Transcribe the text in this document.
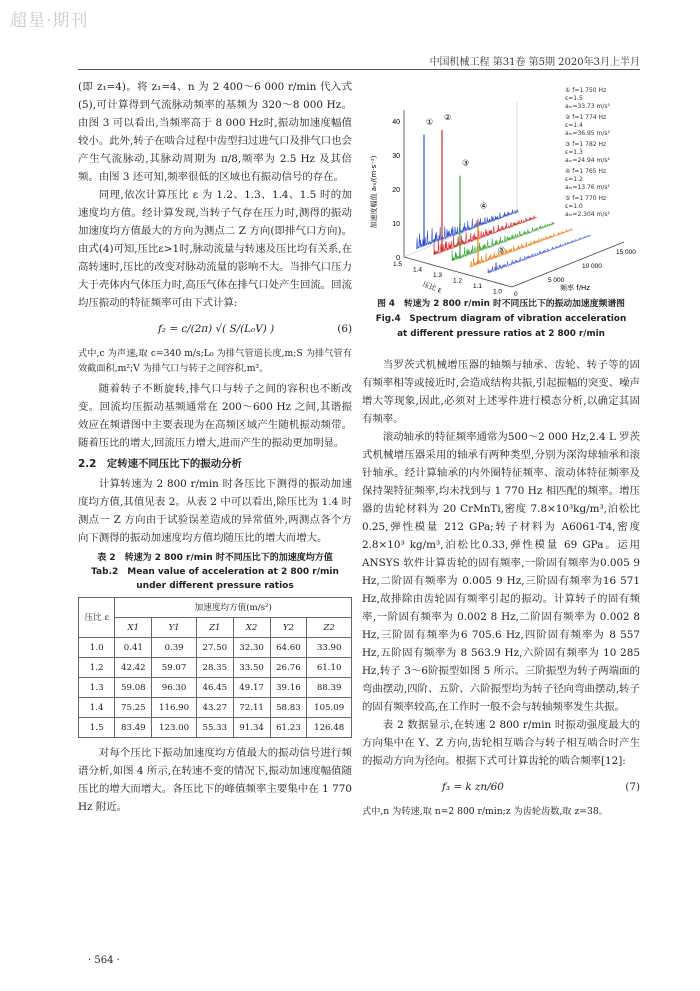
超星·期刊
中国机械工程 第31卷 第5期 2020年3月上半月

(即 z₁=4)。将 z₁=4、n 为 2 400～6 000 r/min 代入式(5),可计算得到气流脉动频率的基频为 320～8 000 Hz。由图 3 可以看出,当频率高于 8 000 Hz时,振动加速度幅值较小。此外,转子在啮合过程中齿型扫过进气口及排气口也会产生气流脉动,其脉动周期为 π/8,频率为 2.5 Hz 及其倍频。由图 3 还可知,频率很低的区域也有振动信号的存在。

同理,依次计算压比 ε 为 1.2、1.3、1.4、1.5 时的加速度均方值。经计算发现,当转子气存在压力时,测得的振动加速度均方值最大的方向为测点二 Z 方向(即排气口方向)。由式(4)可知,压比ε>1时,脉动流量与转速及压比均有关系,在高转速时,压比的改变对脉动流量的影响不大。当排气口压力大于壳体内气体压力时,高压气体在排气口处产生回流。回流均压振动的特征频率可由下式计算:

f₂ = c/(2π) √( S/(L₀V) )	(6)

式中,c 为声速,取 c=340 m/s;L₀ 为排气管道长度,m;S 为排气管有效截面积,m²;V 为排气口与转子之间容积,m³。

随着转子不断旋转,排气口与转子之间的容积也不断改变。回流均压振动基频通常在 200～600 Hz 之间,其谐振效应在频谱图中主要表现为在高频区域产生随机振动频带。随着压比的增大,回流压力增大,进而产生的振动更加明显。

2.2　定转速不同压比下的振动分析

计算转速为 2 800 r/min 时各压比下测得的振动加速度均方值,其值见表 2。从表 2 中可以看出,除压比为 1.4 时测点一 Z 方向由于试验误差造成的异常值外,两测点各个方向下测得的振动加速度均方值均随压比的增大而增大。

表 2　转速为 2 800 r/min 时不同压比下的加速度均方值
Tab.2　Mean value of acceleration at 2 800 r/min
under different pressure ratios
压比 ε	加速度均方值(m/s²)					
	X1	Y1	Z1	X2	Y2	Z2
1.0	0.41	0.39	27.50	32.30	64.60	33.90
1.2	42.42	59.07	28.35	33.50	26.76	61.10
1.3	59.08	96.30	46.45	49.17	39.16	88.39
1.4	75.25	116.90	43.27	72.11	58.83	105.09
1.5	83.49	123.00	55.33	91.34	61.23	126.48

对每个压比下振动加速度均方值最大的振动信号进行频谱分析,如图 4 所示,在转速不变的情况下,振动加速度幅值随压比的增大而增大。各压比下的峰值频率主要集中在 1 770 Hz 附近。

0
10
20
30
40
加速度幅值 aₘ/(m·s⁻²)
1.5
1.4
1.3
1.2
1.1
1.0
压比 ε	0
5 000
10 000
15 000
频率 f/Hz
①
②
③
④
⑤
① f=1 750 Hz
ε=1.5
aₘ=33.73 m/s²
② f=1 774 Hz
ε=1.4
aₘ=36.95 m/s²
③ f=1 782 Hz
ε=1.3
aₘ=24.94 m/s²
④ f=1 765 Hz
ε=1.2
aₘ=13.76 m/s²
⑤ f=1 770 Hz
ε=1.0
aₘ=2.304 m/s²
图 4　转速为 2 800 r/min 时不同压比下的振动加速度频谱图
Fig.4　Spectrum diagram of vibration acceleration
at different pressure ratios at 2 800 r/min

当罗茨式机械增压器的轴频与轴承、齿轮、转子等的固有频率相等或接近时,会造成结构共振,引起振幅的突变、噪声增大等现象,因此,必须对上述零件进行模态分析,以确定其固有频率。

滚动轴承的特征频率通常为500～2 000 Hz,2.4 L 罗茨式机械增压器采用的轴承有两种类型,分别为深沟球轴承和滚针轴承。经计算轴承的内外圈特征频率、滚动体特征频率及保持架特征频率,均未找到与 1 770 Hz 相匹配的频率。增压器的齿轮材料为 20 CrMnTi,密度 7.8×10³kg/m³,泊松比 0.25,弹性模量 212 GPa;转子材料为 A6061-T4,密度 2.8×10³ kg/m³,泊松比0.33,弹性模量 69 GPa。运用 ANSYS 软件计算齿轮的固有频率,一阶固有频率为0.005 9 Hz,二阶固有频率为 0.005 9 Hz,三阶固有频率为16 571 Hz,故排除由齿轮固有频率引起的振动。计算转子的固有频率,一阶固有频率为 0.002 8 Hz,二阶固有频率为 0.002 8 Hz,三阶固有频率为6 705.6 Hz,四阶固有频率为 8 557 Hz,五阶固有频率为 8 563.9 Hz,六阶固有频率为 10 285 Hz,转子 3～6阶振型如图 5 所示。三阶振型为转子两端面的弯曲摆动,四阶、五阶、六阶振型均为转子径向弯曲摆动,转子的固有频率较高,在工作时一般不会与转轴频率发生共振。

表 2 数据显示,在转速 2 800 r/min 时振动强度最大的方向集中在 Y、Z 方向,齿轮相互啮合与转子相互啮合时产生的振动方向为径向。根据下式可计算齿轮的啮合频率[12]:

f₃ = k zn/60	(7)

式中,n 为转速,取 n=2 800 r/min;z 为齿轮齿数,取 z=38。

· 564 ·
